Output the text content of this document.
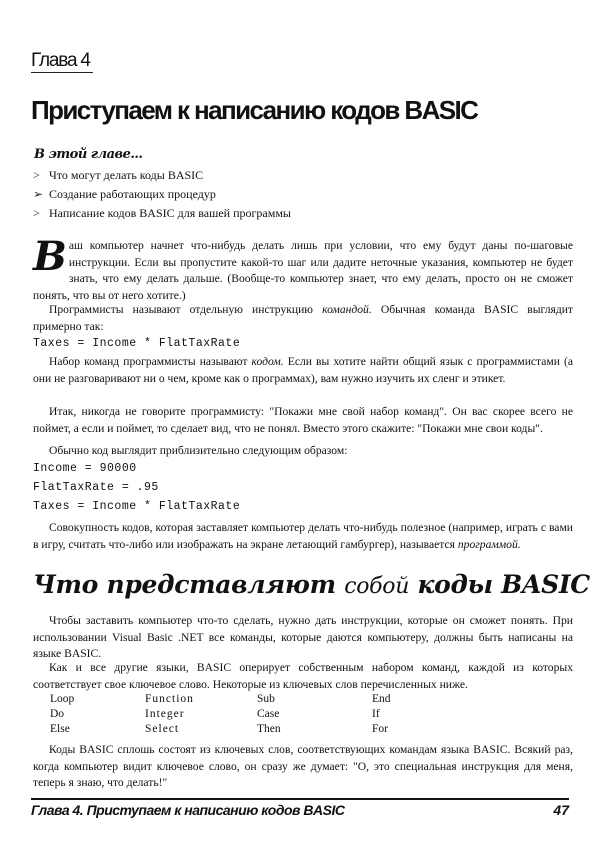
Глава 4
Приступаем к написанию кодов BASIC
В этой главе...
> Что могут делать коды BASIC
➢ Создание работающих процедур
> Написание кодов BASIC для вашей программы
Ваш компьютер начнет что-нибудь делать лишь при условии, что ему будут даны по-шаговые инструкции. Если вы пропустите какой-то шаг или дадите неточные указания, компьютер не будет знать, что ему делать дальше. (Вообще-то компьютер знает, что ему делать, просто он не сможет понять, что вы от него хотите.)
Программисты называют отдельную инструкцию командой. Обычная команда BASIC выглядит примерно так:
Taxes = Income * FlatTaxRate
Набор команд программисты называют кодом. Если вы хотите найти общий язык с программистами (а они не разговаривают ни о чем, кроме как о программах), вам нужно изучить их сленг и этикет.
Итак, никогда не говорите программисту: "Покажи мне свой набор команд". Он вас скорее всего не поймет, а если и поймет, то сделает вид, что не понял. Вместо этого скажите: "Покажи мне свои коды".
Обычно код выглядит приблизительно следующим образом:
Income = 90000
FlatTaxRate = .95
Taxes = Income * FlatTaxRate
Совокупность кодов, которая заставляет компьютер делать что-нибудь полезное (например, играть с вами в игру, считать что-либо или изображать на экране летающий гамбургер), называется программой.
Что представляют собой коды BASIC
Чтобы заставить компьютер что-то сделать, нужно дать инструкции, которые он сможет понять. При использовании Visual Basic .NET все команды, которые даются компьютеру, должны быть написаны на языке BASIC.
Как и все другие языки, BASIC оперирует собственным набором команд, каждой из которых соответствует свое ключевое слово. Некоторые из ключевых слов перечисленных ниже.
Loop	Function	Sub	End
Do	Integer	Case	If
Else	Select	Then	For
Коды BASIC сплошь состоят из ключевых слов, соответствующих командам языка BASIC. Всякий раз, когда компьютер видит ключевое слово, он сразу же думает: "О, это специальная инструкция для меня, теперь я знаю, что делать!"
Глава 4. Приступаем к написанию кодов BASIC	47
